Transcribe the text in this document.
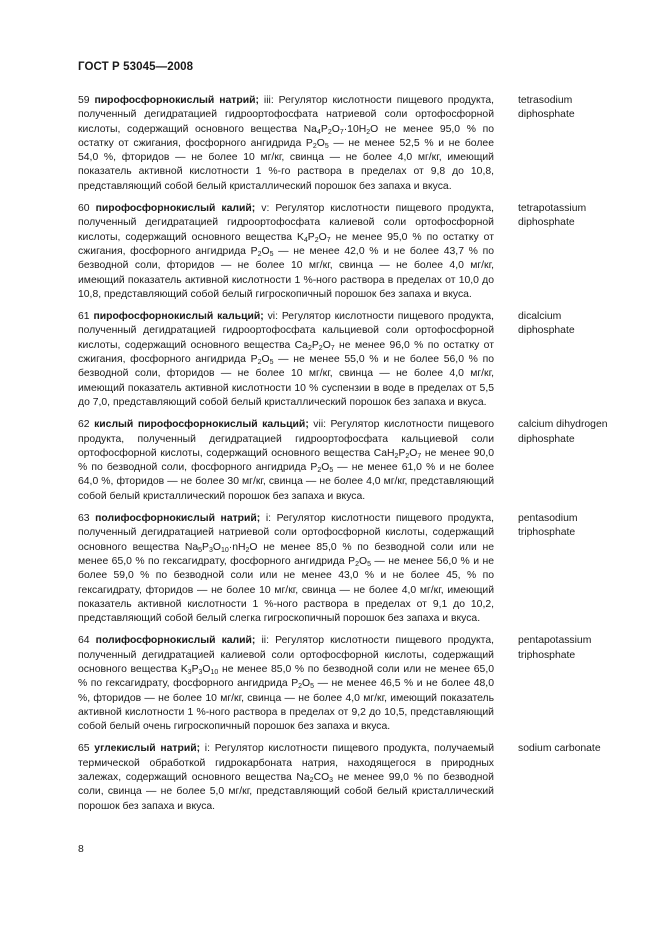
ГОСТ Р 53045—2008
59 пирофосфорнокислый натрий; iii: Регулятор кислотности пищевого продукта, полученный дегидратацией гидроортофосфата натриевой соли ортофосфорной кислоты, содержащий основного вещества $Na_4P_2O_7\cdot 10H_2O$ не менее 95,0 % по остатку от сжигания, фосфорного ангидрида $P_2O_5$ — не менее 52,5 % и не более 54,0 %, фторидов — не более 10 мг/кг, свинца — не более 4,0 мг/кг, имеющий показатель активной кислотности 1 %-го раствора в пределах от 9,8 до 10,8, представляющий собой белый кристаллический порошок без запаха и вкуса.
tetrasodium
diphosphate
60 пирофосфорнокислый калий; v: Регулятор кислотности пищевого продукта, полученный дегидратацией гидроортофосфата калиевой соли ортофосфорной кислоты, содержащий основного вещества $K_4P_2O_7$ не менее 95,0 % по остатку от сжигания, фосфорного ангидрида $P_2O_5$ — не менее 42,0 % и не более 43,7 % по безводной соли, фторидов — не более 10 мг/кг, свинца — не более 4,0 мг/кг, имеющий показатель активной кислотности 1 %-ного раствора в пределах от 10,0 до 10,8, представляющий собой белый гигроскопичный порошок без запаха и вкуса.
tetrapotassium
diphosphate
61 пирофосфорнокислый кальций; vi: Регулятор кислотности пищевого продукта, полученный дегидратацией гидроортофосфата кальциевой соли ортофосфорной кислоты, содержащий основного вещества $Ca_2P_2O_7$ не менее 96,0 % по остатку от сжигания, фосфорного ангидрида $P_2O_5$ — не менее 55,0 % и не более 56,0 % по безводной соли, фторидов — не более 10 мг/кг, свинца — не более 4,0 мг/кг, имеющий показатель активной кислотности 10 % суспензии в воде в пределах от 5,5 до 7,0, представляющий собой белый кристаллический порошок без запаха и вкуса.
dicalcium
diphosphate
62 кислый пирофосфорнокислый кальций; vii: Регулятор кислотности пищевого продукта, полученный дегидратацией гидроортофосфата кальциевой соли ортофосфорной кислоты, содержащий основного вещества $CaH_2P_2O_7$ не менее 90,0 % по безводной соли, фосфорного ангидрида $P_2O_5$ — не менее 61,0 % и не более 64,0 %, фторидов — не более 30 мг/кг, свинца — не более 4,0 мг/кг, представляющий собой белый кристаллический порошок без запаха и вкуса.
calcium dihydrogen
diphosphate
63 полифосфорнокислый натрий; i: Регулятор кислотности пищевого продукта, полученный дегидратацией натриевой соли ортофосфорной кислоты, содержащий основного вещества $Na_5P_3O_{10}\cdot nH_2O$ не менее 85,0 % по безводной соли или не менее 65,0 % по гексагидрату, фосфорного ангидрида $P_2O_5$ — не менее 56,0 % и не более 59,0 % по безводной соли или не менее 43,0 % и не более 45, % по гексагидрату, фторидов — не более 10 мг/кг, свинца — не более 4,0 мг/кг, имеющий показатель активной кислотности 1 %-ного раствора в пределах от 9,1 до 10,2, представляющий собой белый слегка гигроскопичный порошок без запаха и вкуса.
pentasodium
triphosphate
64 полифосфорнокислый калий; ii: Регулятор кислотности пищевого продукта, полученный дегидратацией калиевой соли ортофосфорной кислоты, содержащий основного вещества $K_3P_3O_{10}$ не менее 85,0 % по безводной соли или не менее 65,0 % по гексагидрату, фосфорного ангидрида $P_2O_5$ — не менее 46,5 % и не более 48,0 %, фторидов — не более 10 мг/кг, свинца — не более 4,0 мг/кг, имеющий показатель активной кислотности 1 %-ного раствора в пределах от 9,2 до 10,5, представляющий собой белый очень гигроскопичный порошок без запаха и вкуса.
pentapotassium
triphosphate
65 углекислый натрий; i: Регулятор кислотности пищевого продукта, получаемый термической обработкой гидрокарбоната натрия, находящегося в природных залежах, содержащий основного вещества $Na_2CO_3$ не менее 99,0 % по безводной соли, свинца — не более 5,0 мг/кг, представляющий собой белый кристаллический порошок без запаха и вкуса.
sodium carbonate
8
